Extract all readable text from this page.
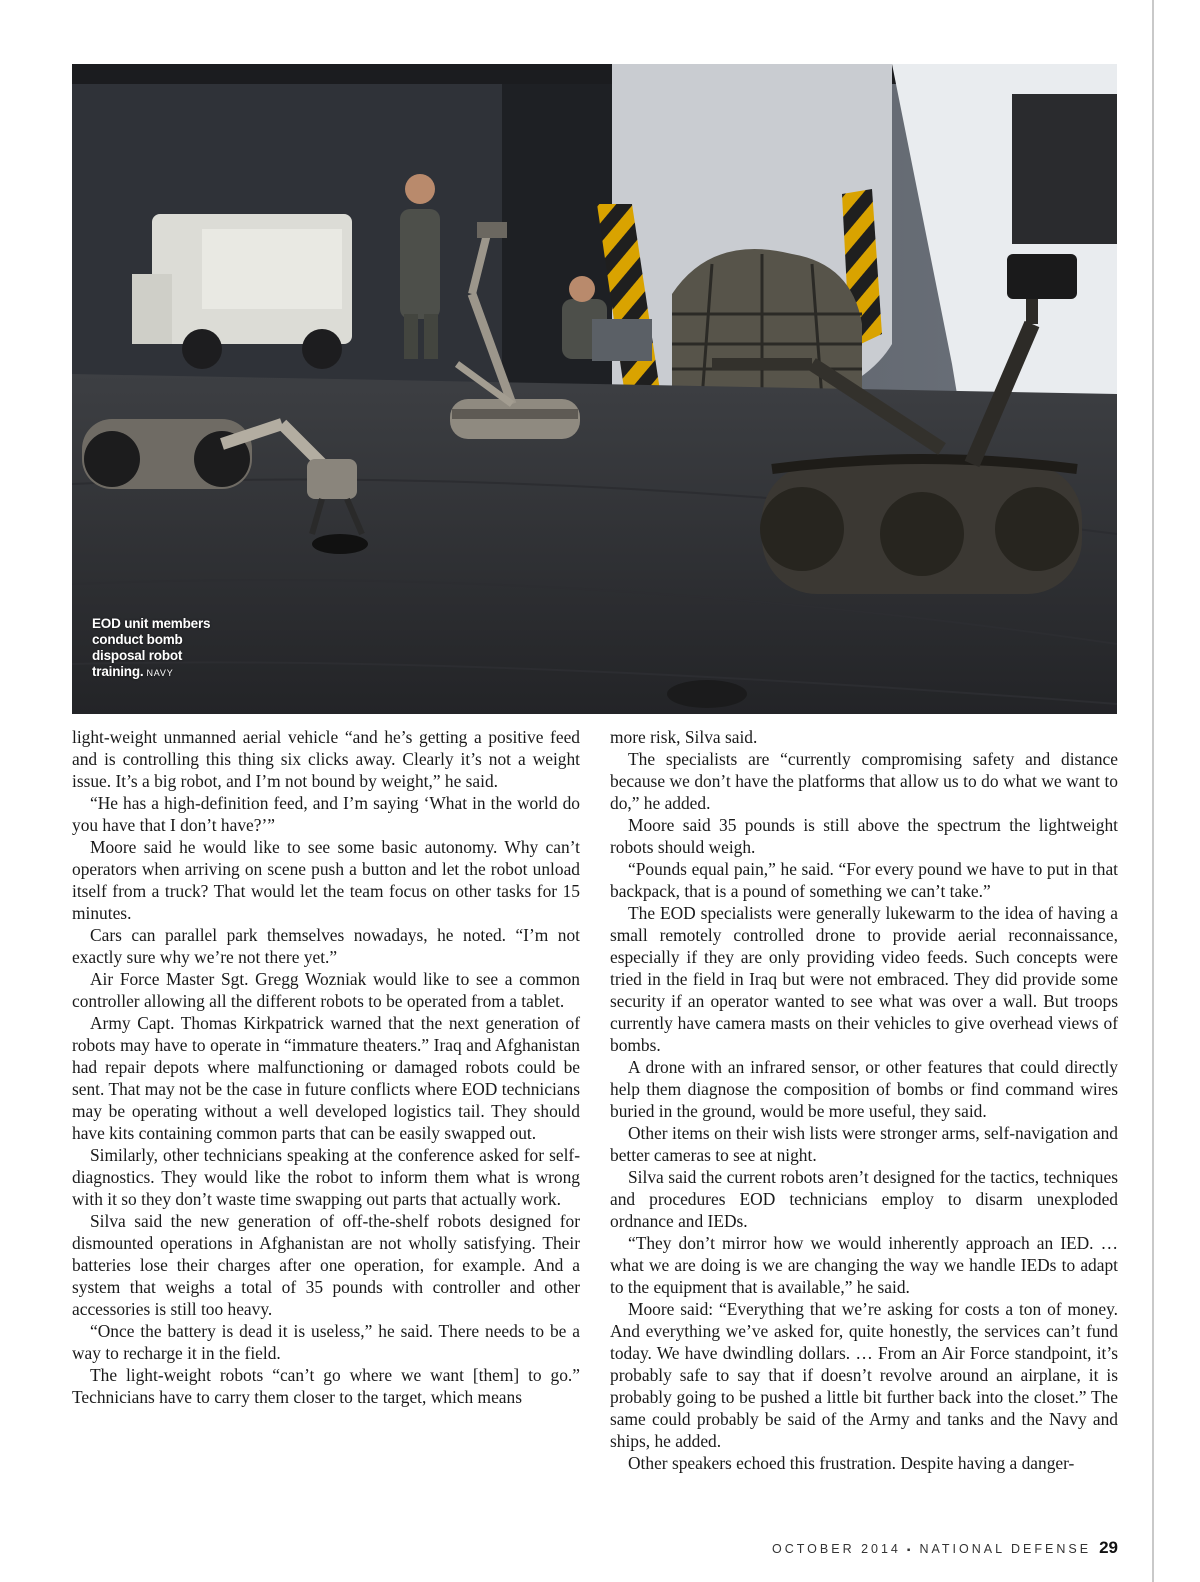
EOD unit members conduct bomb disposal robot training. NAVY

light-weight unmanned aerial vehicle “and he’s getting a positive feed and is controlling this thing six clicks away. Clearly it’s not a weight issue. It’s a big robot, and I’m not bound by weight,” he said.

“He has a high-definition feed, and I’m saying ‘What in the world do you have that I don’t have?’”

Moore said he would like to see some basic autonomy. Why can’t operators when arriving on scene push a button and let the robot unload itself from a truck? That would let the team focus on other tasks for 15 minutes.

Cars can parallel park themselves nowadays, he noted. “I’m not exactly sure why we’re not there yet.”

Air Force Master Sgt. Gregg Wozniak would like to see a common controller allowing all the different robots to be operated from a tablet.

Army Capt. Thomas Kirkpatrick warned that the next generation of robots may have to operate in “immature theaters.” Iraq and Afghanistan had repair depots where malfunctioning or damaged robots could be sent. That may not be the case in future conflicts where EOD technicians may be operating without a well developed logistics tail. They should have kits containing common parts that can be easily swapped out.

Similarly, other technicians speaking at the conference asked for self-diagnostics. They would like the robot to inform them what is wrong with it so they don’t waste time swapping out parts that actually work.

Silva said the new generation of off-the-shelf robots designed for dismounted operations in Afghanistan are not wholly satisfying. Their batteries lose their charges after one operation, for example. And a system that weighs a total of 35 pounds with controller and other accessories is still too heavy.

“Once the battery is dead it is useless,” he said. There needs to be a way to recharge it in the field.

The light-weight robots “can’t go where we want [them] to go.” Technicians have to carry them closer to the target, which means

more risk, Silva said.

The specialists are “currently compromising safety and distance because we don’t have the platforms that allow us to do what we want to do,” he added.

Moore said 35 pounds is still above the spectrum the lightweight robots should weigh.

“Pounds equal pain,” he said. “For every pound we have to put in that backpack, that is a pound of something we can’t take.”

The EOD specialists were generally lukewarm to the idea of having a small remotely controlled drone to provide aerial reconnaissance, especially if they are only providing video feeds. Such concepts were tried in the field in Iraq but were not embraced. They did provide some security if an operator wanted to see what was over a wall. But troops currently have camera masts on their vehicles to give overhead views of bombs.

A drone with an infrared sensor, or other features that could directly help them diagnose the composition of bombs or find command wires buried in the ground, would be more useful, they said.

Other items on their wish lists were stronger arms, self-navigation and better cameras to see at night.

Silva said the current robots aren’t designed for the tactics, techniques and procedures EOD technicians employ to disarm unexploded ordnance and IEDs.

“They don’t mirror how we would inherently approach an IED. … what we are doing is we are changing the way we handle IEDs to adapt to the equipment that is available,” he said.

Moore said: “Everything that we’re asking for costs a ton of money. And everything we’ve asked for, quite honestly, the services can’t fund today. We have dwindling dollars. … From an Air Force standpoint, it’s probably safe to say that if doesn’t revolve around an airplane, it is probably going to be pushed a little bit further back into the closet.” The same could probably be said of the Army and tanks and the Navy and ships, he added.

Other speakers echoed this frustration. Despite having a danger-

OCTOBER 2014 ▪ NATIONAL DEFENSE 29
